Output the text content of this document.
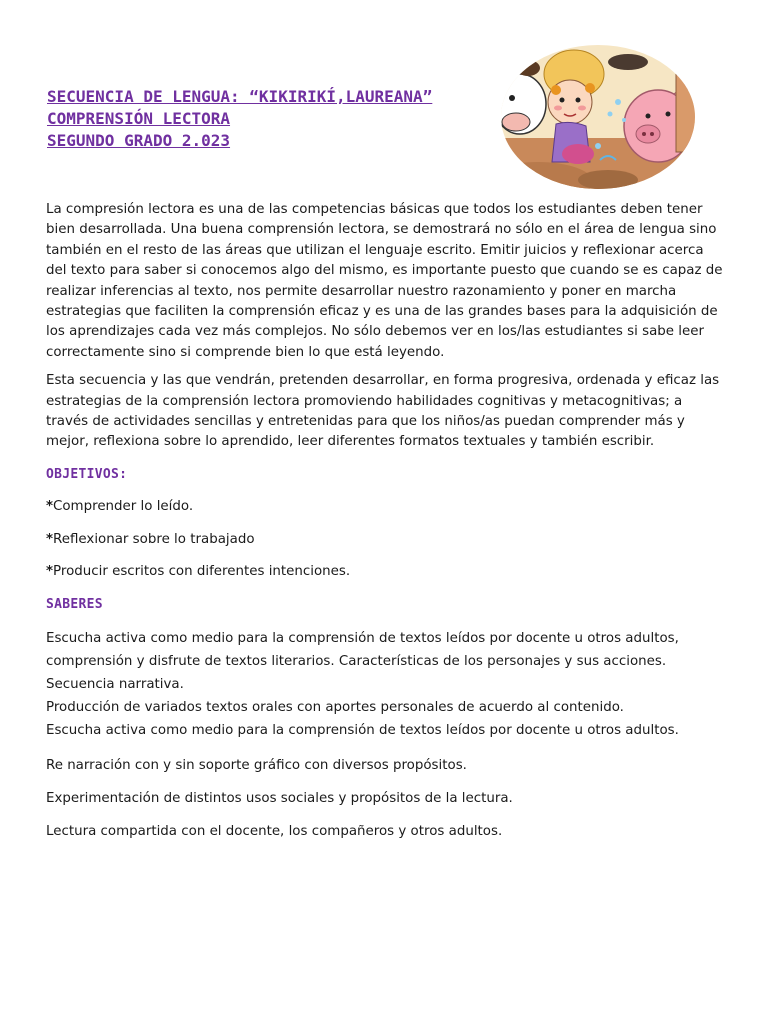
SECUENCIA DE LENGUA: “KIKIRIKÍ,LAUREANA”

COMPRENSIÓN LECTORA

SEGUNDO GRADO 2.023

La compresión lectora es una de las competencias básicas que todos los estudiantes deben tener bien desarrollada. Una buena comprensión lectora, se demostrará no sólo en el área de lengua sino también en el resto de las áreas que utilizan el lenguaje escrito. Emitir juicios y reflexionar acerca del texto para saber si conocemos algo del mismo, es importante puesto que cuando se es capaz de realizar inferencias al texto, nos permite desarrollar nuestro razonamiento y poner en marcha estrategias que faciliten la comprensión eficaz y es una de las grandes bases para la adquisición de los aprendizajes cada vez más complejos. No sólo debemos ver en los/las estudiantes si sabe leer correctamente sino si comprende bien lo que está leyendo.

Esta secuencia y las que vendrán, pretenden desarrollar, en forma progresiva, ordenada y eficaz las estrategias de la comprensión lectora promoviendo habilidades cognitivas y metacognitivas; a través de actividades sencillas y entretenidas para que los niños/as puedan comprender más y mejor, reflexiona sobre lo aprendido, leer diferentes formatos textuales y también escribir.

OBJETIVOS:

*Comprender lo leído.

*Reflexionar sobre lo trabajado

*Producir escritos con diferentes intenciones.

SABERES

Escucha activa como medio para la comprensión de textos leídos por docente u otros adultos, comprensión y disfrute de textos literarios. Características de los personajes y sus acciones.

Secuencia narrativa.

Producción de variados textos orales con aportes personales de acuerdo al contenido.

Escucha activa como medio para la comprensión de textos leídos por docente u otros adultos.

Re narración con y sin soporte gráfico con diversos propósitos.

Experimentación de distintos usos sociales y propósitos de la lectura.

Lectura compartida con el docente, los compañeros y otros adultos.
